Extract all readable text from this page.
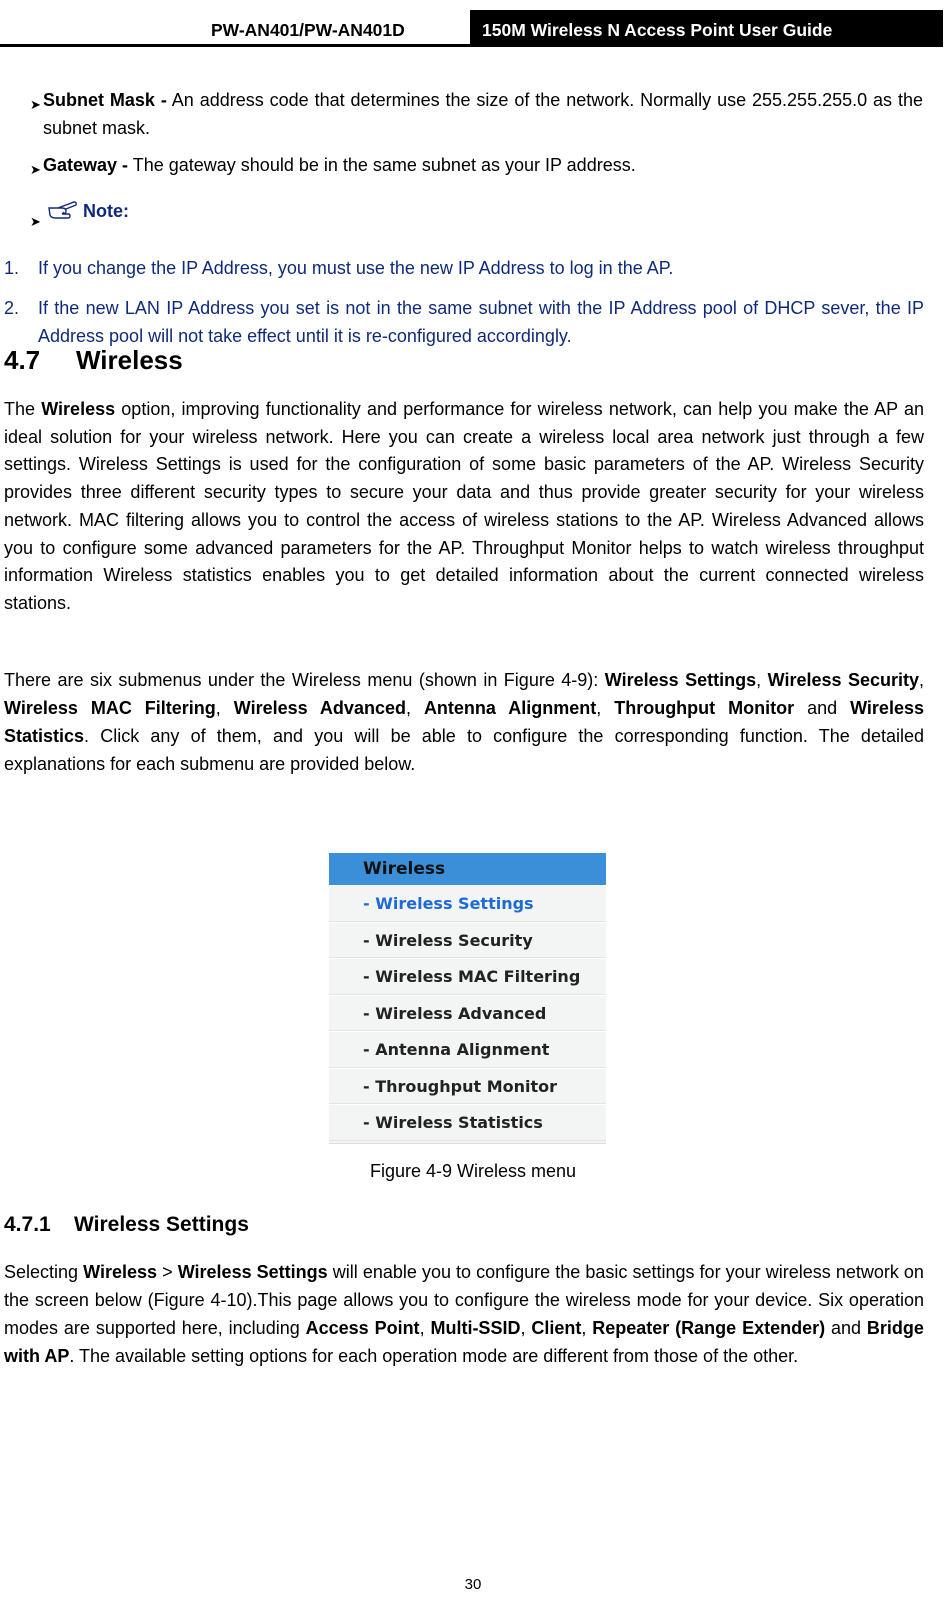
PW-AN401/PW-AN401D	150M Wireless N Access Point User Guide
➤ Subnet Mask - An address code that determines the size of the network. Normally use 255.255.255.0 as the subnet mask.
➤ Gateway - The gateway should be in the same subnet as your IP address.
➤
Note:
1. If you change the IP Address, you must use the new IP Address to log in the AP.
2. If the new LAN IP Address you set is not in the same subnet with the IP Address pool of DHCP sever, the IP Address pool will not take effect until it is re-configured accordingly.
4.7 Wireless
The Wireless option, improving functionality and performance for wireless network, can help you make the AP an ideal solution for your wireless network. Here you can create a wireless local area network just through a few settings. Wireless Settings is used for the configuration of some basic parameters of the AP. Wireless Security provides three different security types to secure your data and thus provide greater security for your wireless network. MAC filtering allows you to control the access of wireless stations to the AP. Wireless Advanced allows you to configure some advanced parameters for the AP. Throughput Monitor helps to watch wireless throughput information Wireless statistics enables you to get detailed information about the current connected wireless stations.
There are six submenus under the Wireless menu (shown in Figure 4-9): Wireless Settings, Wireless Security, Wireless MAC Filtering, Wireless Advanced, Antenna Alignment, Throughput Monitor and Wireless Statistics. Click any of them, and you will be able to configure the corresponding function. The detailed explanations for each submenu are provided below.
Wireless
- Wireless Settings
- Wireless Security
- Wireless MAC Filtering
- Wireless Advanced
- Antenna Alignment
- Throughput Monitor
- Wireless Statistics
Figure 4-9 Wireless menu
4.7.1 Wireless Settings
Selecting Wireless > Wireless Settings will enable you to configure the basic settings for your wireless network on the screen below (Figure 4-10).This page allows you to configure the wireless mode for your device. Six operation modes are supported here, including Access Point, Multi-SSID, Client, Repeater (Range Extender) and Bridge with AP. The available setting options for each operation mode are different from those of the other.
30
